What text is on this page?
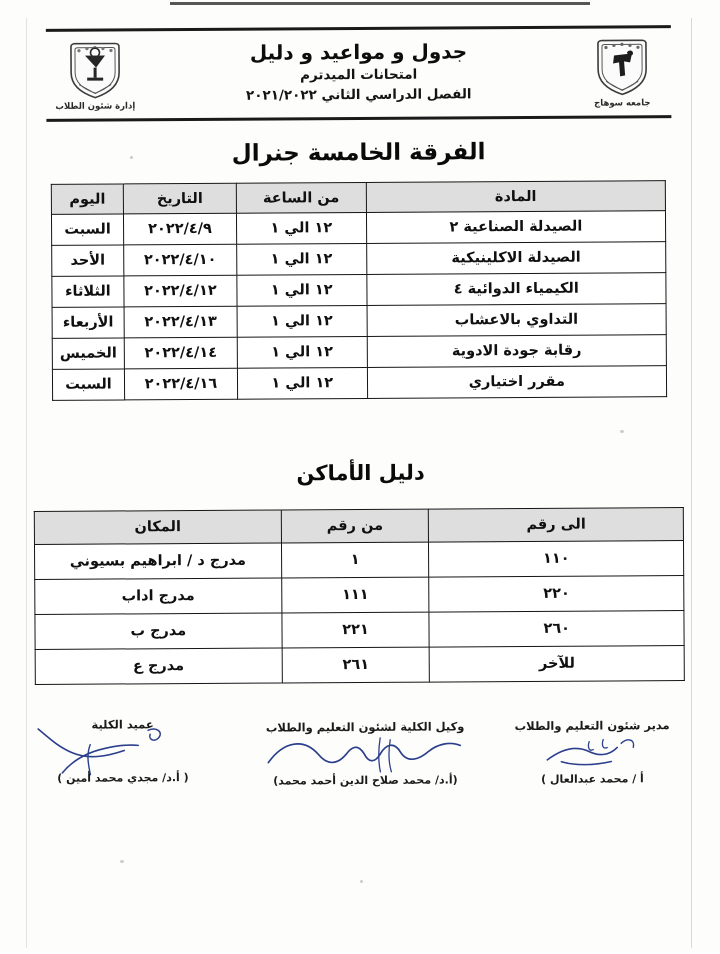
جامعه سوهاج
جدول و مواعيد و دليل
امتحانات الميدترم
الفصل الدراسي الثاني ٢٠٢١/٢٠٢٢
إدارة شئون الطلاب
الفرقة الخامسة جنرال
المادة	من الساعة	التاريخ	اليوم
الصيدلة الصناعية ٢	١٢ الي ١	٢٠٢٢/٤/٩	السبت
الصيدلة الاكلينيكية	١٢ الي ١	٢٠٢٢/٤/١٠	الأحد
الكيمياء الدوائية ٤	١٢ الي ١	٢٠٢٢/٤/١٢	الثلاثاء
التداوي بالاعشاب	١٢ الي ١	٢٠٢٢/٤/١٣	الأربعاء
رقابة جودة الادوية	١٢ الي ١	٢٠٢٢/٤/١٤	الخميس
مقرر اختياري	١٢ الي ١	٢٠٢٢/٤/١٦	السبت
دليل الأماكن
الى رقم	من رقم	المكان
١١٠	١	مدرج د / ابراهيم بسيوني
٢٢٠	١١١	مدرج اداب
٢٦٠	٢٢١	مدرج ب
للآخر	٢٦١	مدرج ع
عميد الكلية
( أ.د/ مجدي محمد أمين )
وكيل الكلية لشئون التعليم والطلاب
(أ.د/ محمد صلاح الدين أحمد محمد)
مدير شئون التعليم والطلاب
أ / محمد عبدالعال )
